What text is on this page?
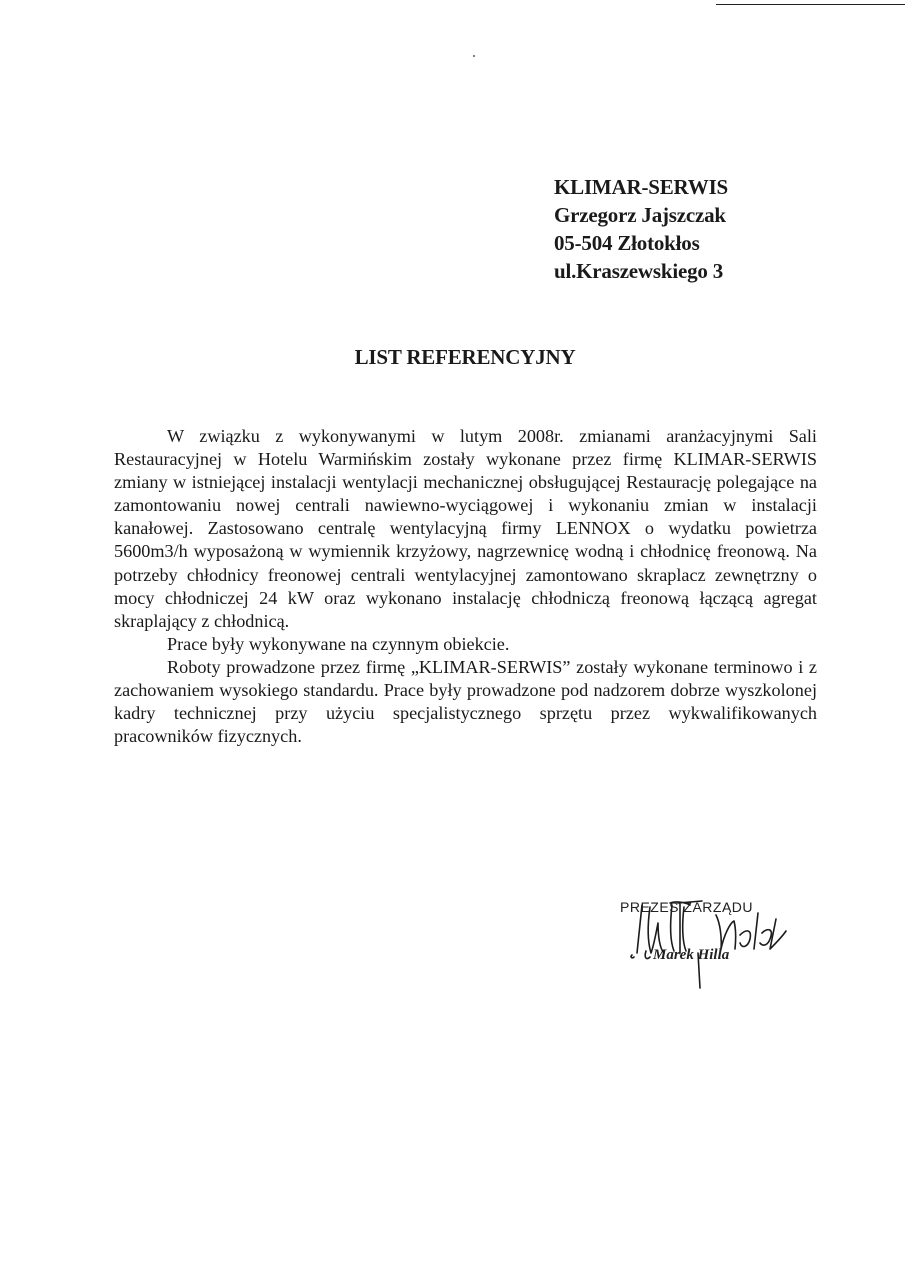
KLIMAR-SERWIS
Grzegorz Jajszczak
05-504 Złotokłos
ul.Kraszewskiego 3
LIST REFERENCYJNY

W związku z wykonywanymi w lutym 2008r. zmianami aranżacyjnymi Sali Restauracyjnej w Hotelu Warmińskim zostały wykonane przez firmę KLIMAR-SERWIS zmiany w istniejącej instalacji wentylacji mechanicznej obsługującej Restaurację polegające na zamontowaniu nowej centrali nawiewno-wyciągowej i wykonaniu zmian w instalacji kanałowej. Zastosowano centralę wentylacyjną firmy LENNOX o wydatku powietrza 5600m3/h wyposażoną w wymiennik krzyżowy, nagrzewnicę wodną i chłodnicę freonową. Na potrzeby chłodnicy freonowej centrali wentylacyjnej zamontowano skraplacz zewnętrzny o mocy chłodniczej 24 kW oraz wykonano instalację chłodniczą freonową łączącą agregat skraplający z chłodnicą.

Prace były wykonywane na czynnym obiekcie.

Roboty prowadzone przez firmę „KLIMAR-SERWIS” zostały wykonane terminowo i z zachowaniem wysokiego standardu. Prace były prowadzone pod nadzorem dobrze wyszkolonej kadry technicznej przy użyciu specjalistycznego sprzętu przez wykwalifikowanych pracowników fizycznych.

PREZES ZARZĄDU
Marek Hilla
